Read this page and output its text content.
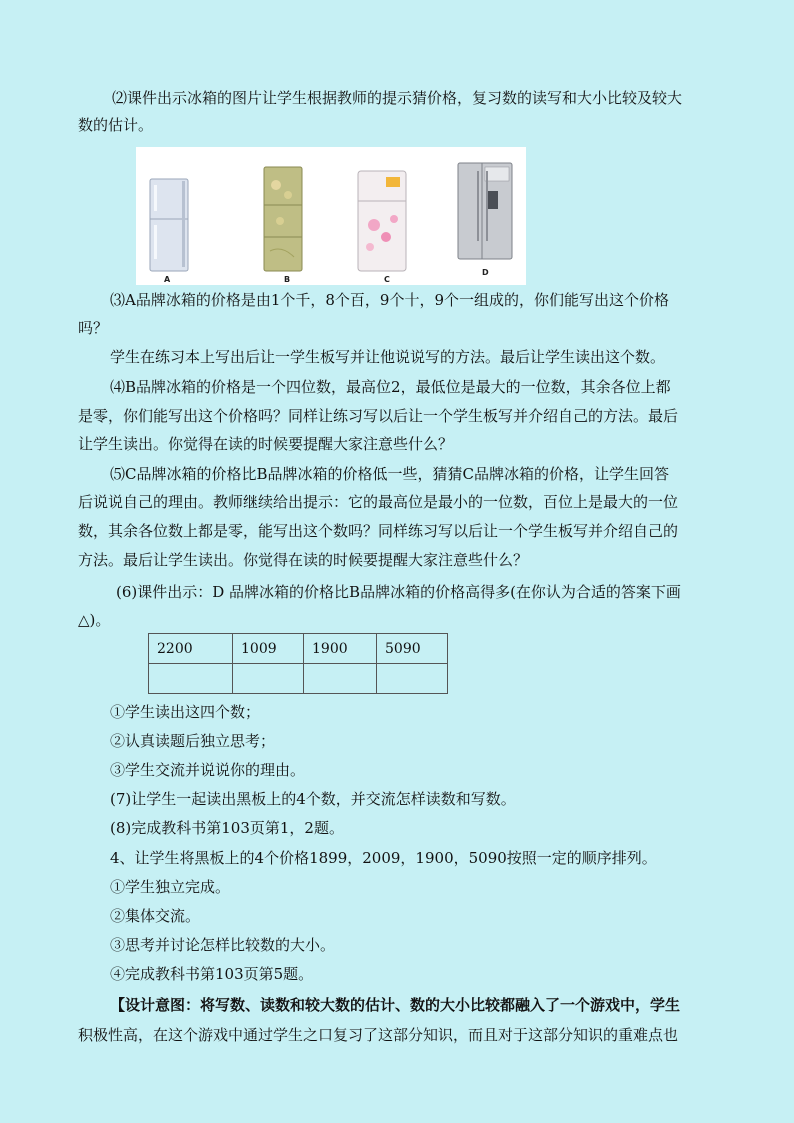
⑵课件出示冰箱的图片让学生根据教师的提示猜价格，复习数的读写和大小比较及较大
数的估计。
A	B	C
D
⑶A品牌冰箱的价格是由1个千，8个百，9个十，9个一组成的，你们能写出这个价格
吗？
学生在练习本上写出后让一学生板写并让他说说写的方法。最后让学生读出这个数。
⑷B品牌冰箱的价格是一个四位数，最高位2，最低位是最大的一位数，其余各位上都
是零，你们能写出这个价格吗？同样让练习写以后让一个学生板写并介绍自己的方法。最后
让学生读出。你觉得在读的时候要提醒大家注意些什么？
⑸C品牌冰箱的价格比B品牌冰箱的价格低一些，猜猜C品牌冰箱的价格，让学生回答
后说说自己的理由。教师继续给出提示：它的最高位是最小的一位数，百位上是最大的一位
数，其余各位数上都是零，能写出这个数吗？同样练习写以后让一个学生板写并介绍自己的
方法。最后让学生读出。你觉得在读的时候要提醒大家注意些什么？
(6)课件出示：D 品牌冰箱的价格比B品牌冰箱的价格高得多(在你认为合适的答案下画
△)。
2200	1009	1900	5090

①学生读出这四个数；
②认真读题后独立思考；
③学生交流并说说你的理由。
(7)让学生一起读出黑板上的4个数，并交流怎样读数和写数。
(8)完成教科书第103页第1，2题。
4、让学生将黑板上的4个价格1899，2009，1900，5090按照一定的顺序排列。
①学生独立完成。
②集体交流。
③思考并讨论怎样比较数的大小。
④完成教科书第103页第5题。
【设计意图：将写数、读数和较大数的估计、数的大小比较都融入了一个游戏中，学生
积极性高，在这个游戏中通过学生之口复习了这部分知识，而且对于这部分知识的重难点也
